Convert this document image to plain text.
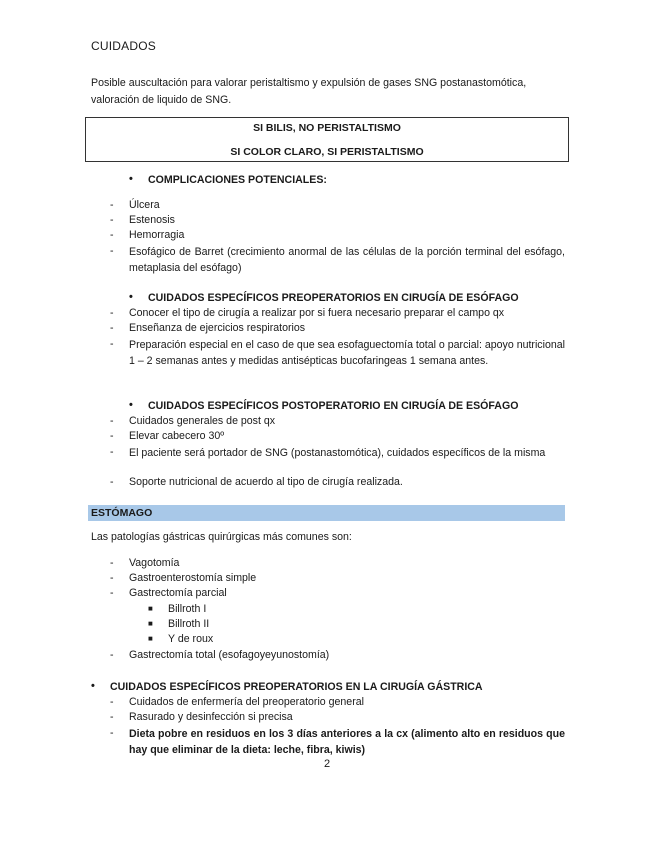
CUIDADOS
Posible auscultación para valorar peristaltismo y expulsión de gases SNG postanastomótica, valoración de liquido de SNG.
SI BILIS, NO PERISTALTISMO
SI COLOR CLARO, SI PERISTALTISMO
• COMPLICACIONES POTENCIALES:
- Úlcera
- Estenosis
- Hemorragia
- Esofágico de Barret (crecimiento anormal de las células de la porción terminal del esófago, metaplasia del esófago)
• CUIDADOS ESPECÍFICOS PREOPERATORIOS EN CIRUGÍA DE ESÓFAGO
- Conocer el tipo de cirugía a realizar por si fuera necesario preparar el campo qx
- Enseñanza de ejercicios respiratorios
- Preparación especial en el caso de que sea esofaguectomía total o parcial: apoyo nutricional 1 – 2 semanas antes y medidas antisépticas bucofaringeas 1 semana antes.
• CUIDADOS ESPECÍFICOS POSTOPERATORIO EN CIRUGÍA DE ESÓFAGO
- Cuidados generales de post qx
- Elevar cabecero 30º
- El paciente será portador de SNG (postanastomótica), cuidados específicos de la misma
- Soporte nutricional de acuerdo al tipo de cirugía realizada.
ESTÓMAGO
Las patologías gástricas quirúrgicas más comunes son:
- Vagotomía
- Gastroenterostomía simple
- Gastrectomía parcial
■ Billroth I
■ Billroth II
■ Y de roux
- Gastrectomía total (esofagoyeyunostomía)
• CUIDADOS ESPECÍFICOS PREOPERATORIOS EN LA CIRUGÍA GÁSTRICA
- Cuidados de enfermería del preoperatorio general
- Rasurado y desinfección si precisa
- Dieta pobre en residuos en los 3 días anteriores a la cx (alimento alto en residuos que hay que eliminar de la dieta: leche, fibra, kiwis)
2
